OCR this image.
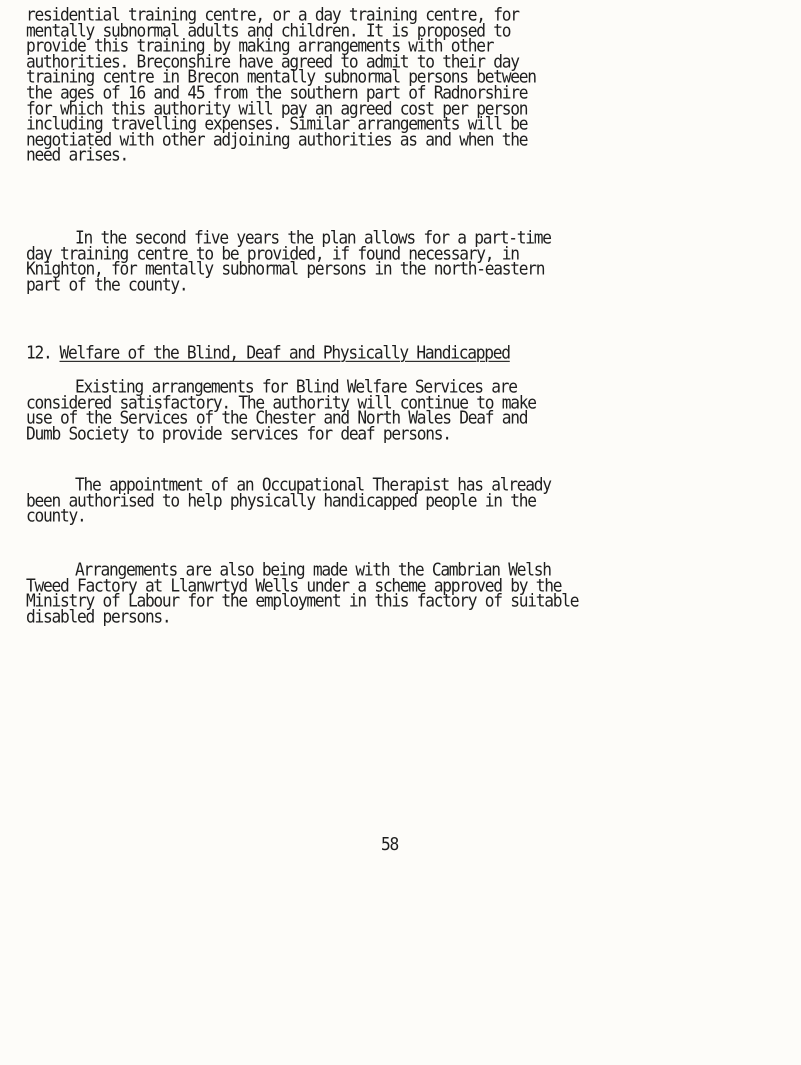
residential training centre, or a day training centre, for
mentally subnormal adults and children. It is proposed to
provide this training by making arrangements with other
authorities. Breconshire have agreed to admit to their day
training centre in Brecon mentally subnormal persons between
the ages of 16 and 45 from the southern part of Radnorshire
for which this authority will pay an agreed cost per person
including travelling expenses. Similar arrangements will be
negotiated with other adjoining authorities as and when the
need arises.
In the second five years the plan allows for a part-time
day training centre to be provided, if found necessary, in
Knighton, for mentally subnormal persons in the north-eastern
part of the county.
12. Welfare of the Blind, Deaf and Physically Handicapped
Existing arrangements for Blind Welfare Services are
considered satisfactory. The authority will continue to make
use of the Services of the Chester and North Wales Deaf and
Dumb Society to provide services for deaf persons.
The appointment of an Occupational Therapist has already
been authorised to help physically handicapped people in the
county.
Arrangements are also being made with the Cambrian Welsh
Tweed Factory at Llanwrtyd Wells under a scheme approved by the
Ministry of Labour for the employment in this factory of suitable
disabled persons.
58
